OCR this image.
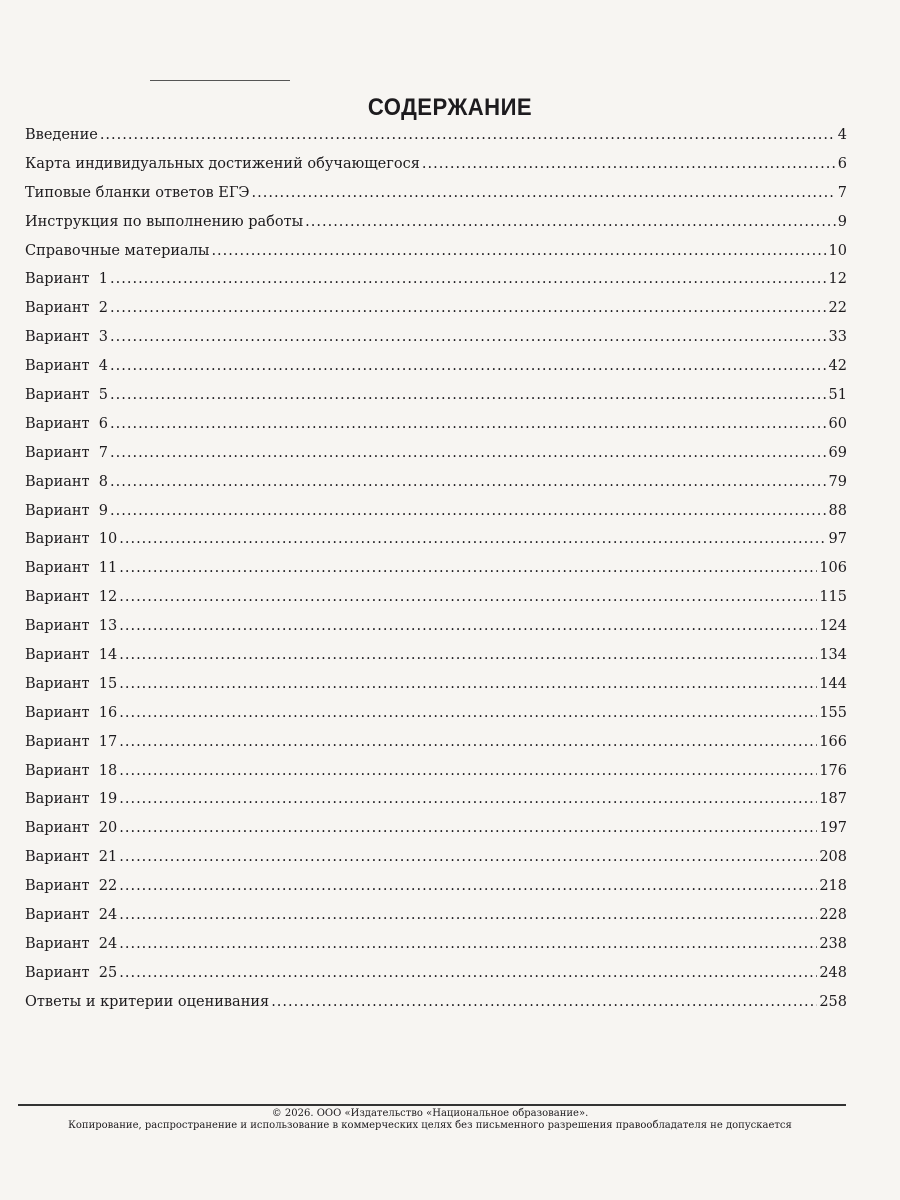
СОДЕРЖАНИЕ
Введение .....	4
Карта индивидуальных достижений обучающегося .....	6
Типовые бланки ответов ЕГЭ .....	7
Инструкция по выполнению работы .....	9
Справочные материалы .....	10
Вариант  1 .....	12
Вариант  2 .....	22
Вариант  3 .....	33
Вариант  4 .....	42
Вариант  5 .....	51
Вариант  6 .....	60
Вариант  7 .....	69
Вариант  8 .....	79
Вариант  9 .....	88
Вариант  10 .....	97
Вариант  11 .....	106
Вариант  12 .....	115
Вариант  13 .....	124
Вариант  14 .....	134
Вариант  15 .....	144
Вариант  16 .....	155
Вариант  17 .....	166
Вариант  18 .....	176
Вариант  19 .....	187
Вариант  20 .....	197
Вариант  21 .....	208
Вариант  22 .....	218
Вариант  24 .....	228
Вариант  24 .....	238
Вариант  25 .....	248
Ответы и критерии оценивания .....	258
© 2026. ООО «Издательство «Национальное образование».
Копирование, распространение и использование в коммерческих целях без письменного разрешения правообладателя не допускается
